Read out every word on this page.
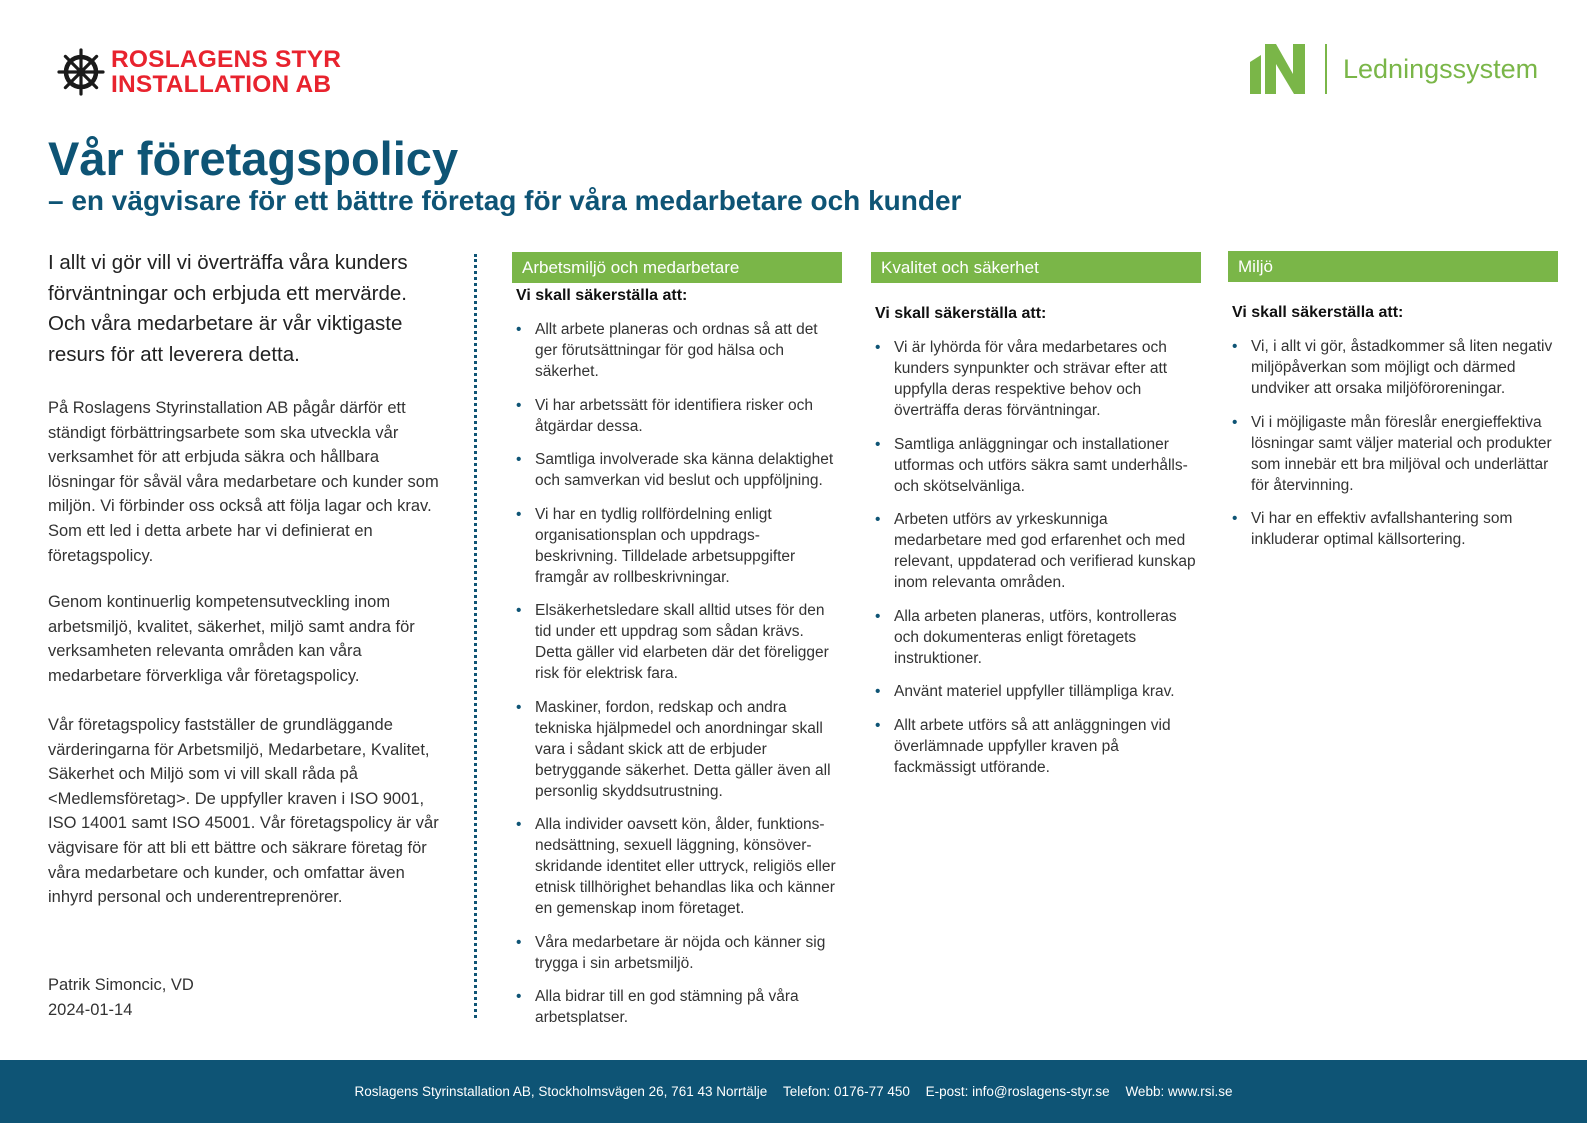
ROSLAGENS STYR
INSTALLATION AB
Ledningssystem
Vår företagspolicy
– en vägvisare för ett bättre företag för våra medarbetare och kunder

I allt vi gör vill vi överträffa våra kunders förväntningar och erbjuda ett mervärde. Och våra medarbetare är vår viktigaste resurs för att leverera detta.

På Roslagens Styrinstallation AB pågår därför ett ständigt förbättringsarbete som ska utveckla vår verksamhet för att erbjuda säkra och hållbara lösningar för såväl våra medarbetare och kunder som miljön. Vi förbinder oss också att följa lagar och krav. Som ett led i detta arbete har vi definierat en företagspolicy.

Genom kontinuerlig kompetensutveckling inom arbetsmiljö, kvalitet, säkerhet, miljö samt andra för verksamheten relevanta områden kan våra medarbetare förverkliga vår företagspolicy.

Vår företagspolicy fastställer de grundläggande värderingarna för Arbetsmiljö, Medarbetare, Kvalitet, Säkerhet och Miljö som vi vill skall råda på <Medlemsföretag>. De uppfyller kraven i ISO 9001, ISO 14001 samt ISO 45001. Vår företagspolicy är vår vägvisare för att bli ett bättre och säkrare företag för våra medarbetare och kunder, och omfattar även inhyrd personal och underentreprenörer.

Patrik Simoncic, VD

2024-01-14

Arbetsmiljö och medarbetare
Vi skall säkerställa att:
• Allt arbete planeras och ordnas så att det ger förutsättningar för god hälsa och säkerhet.
• Vi har arbetssätt för identifiera risker och åtgärdar dessa.
• Samtliga involverade ska känna delaktighet och samverkan vid beslut och uppföljning.
• Vi har en tydlig rollfördelning enligt organisationsplan och uppdrags-beskrivning. Tilldelade arbetsuppgifter framgår av rollbeskrivningar.
• Elsäkerhetsledare skall alltid utses för den tid under ett uppdrag som sådan krävs. Detta gäller vid elarbeten där det föreligger risk för elektrisk fara.
• Maskiner, fordon, redskap och andra tekniska hjälpmedel och anordningar skall vara i sådant skick att de erbjuder betryggande säkerhet. Detta gäller även all personlig skyddsutrustning.
• Alla individer oavsett kön, ålder, funktions-nedsättning, sexuell läggning, könsöver-skridande identitet eller uttryck, religiös eller etnisk tillhörighet behandlas lika och känner en gemenskap inom företaget.
• Våra medarbetare är nöjda och känner sig trygga i sin arbetsmiljö.
• Alla bidrar till en god stämning på våra arbetsplatser.
Kvalitet och säkerhet
Vi skall säkerställa att:
• Vi är lyhörda för våra medarbetares och kunders synpunkter och strävar efter att uppfylla deras respektive behov och överträffa deras förväntningar.
• Samtliga anläggningar och installationer utformas och utförs säkra samt underhålls- och skötselvänliga.
• Arbeten utförs av yrkeskunniga medarbetare med god erfarenhet och med relevant, uppdaterad och verifierad kunskap inom relevanta områden.
• Alla arbeten planeras, utförs, kontrolleras och dokumenteras enligt företagets instruktioner.
• Använt materiel uppfyller tillämpliga krav.
• Allt arbete utförs så att anläggningen vid överlämnade uppfyller kraven på fackmässigt utförande.
Miljö
Vi skall säkerställa att:
• Vi, i allt vi gör, åstadkommer så liten negativ miljöpåverkan som möjligt och därmed undviker att orsaka miljöföroreningar.
• Vi i möjligaste mån föreslår energieffektiva lösningar samt väljer material och produkter som innebär ett bra miljöval och underlättar för återvinning.
• Vi har en effektiv avfallshantering som inkluderar optimal källsortering.
Roslagens Styrinstallation AB, Stockholmsvägen 26, 761 43 Norrtälje Telefon: 0176-77 450 E-post: info@roslagens-styr.se Webb: www.rsi.se
